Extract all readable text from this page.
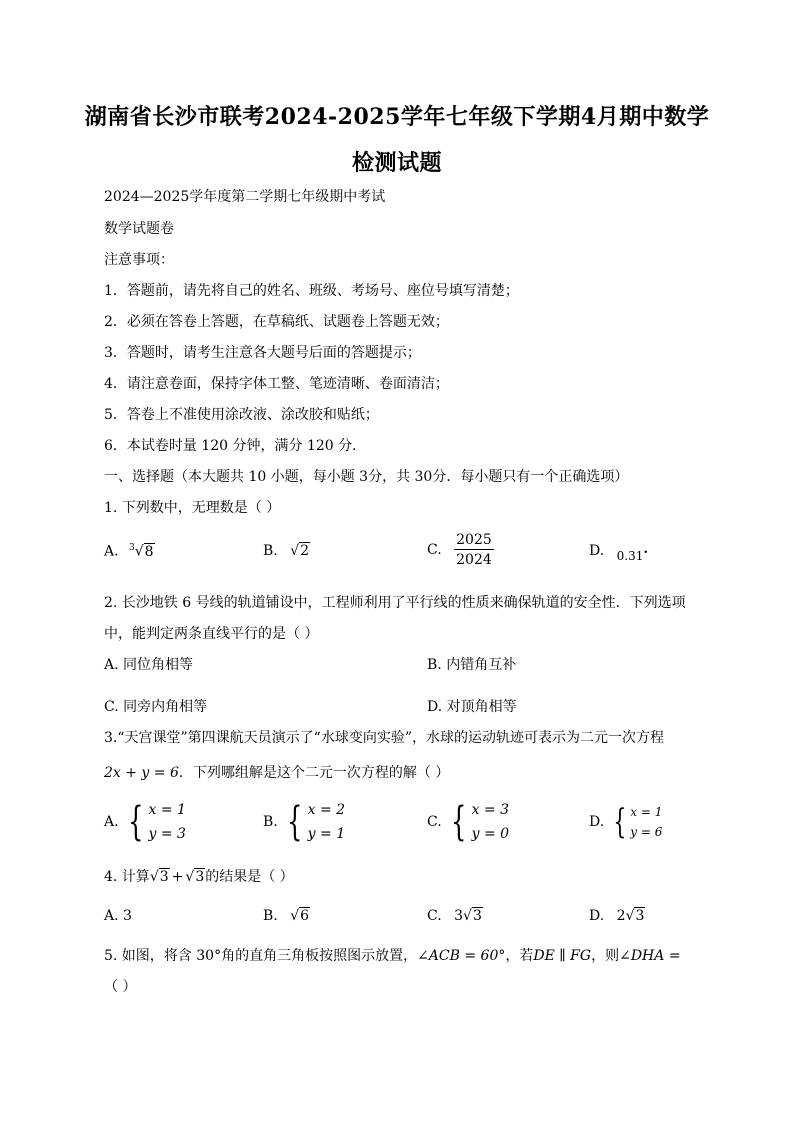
湖南省长沙市联考2024-2025学年七年级下学期4月期中数学
检测试题
2024—2025学年度第二学期七年级期中考试
数学试题卷
注意事项：
1．答题前，请先将自己的姓名、班级、考场号、座位号填写清楚；
2．必须在答卷上答题，在草稿纸、试题卷上答题无效；
3．答题时，请考生注意各大题号后面的答题提示；
4．请注意卷面，保持字体工整、笔迹清晰、卷面清洁；
5．答卷上不准使用涂改液、涂改胶和贴纸；
6．本试卷时量 120 分钟，满分 120 分．
一、选择题（本大题共 10 小题，每小题 3分，共 30分．每小题只有一个正确选项）
1. 下列数中，无理数是（ ）
A. $^3$√8	B. √2	C. $\frac{2025}{2024}$	D. 0.31•
2. 长沙地铁 6 号线的轨道铺设中，工程师利用了平行线的性质来确保轨道的安全性．下列选项
中，能判定两条直线平行的是（ ）
A. 同位角相等	B. 内错角互补
C. 同旁内角相等	D. 对顶角相等
3.“天宫课堂”第四课航天员演示了“水球变向实验”，水球的运动轨迹可表示为二元一次方程
2x + y = 6．下列哪组解是这个二元一次方程的解（ ）
A. { x = 1
y = 3
B. { x = 2
y = 1
C. { x = 3
y = 0
D. { x = 1
y = 6
4. 计算√3 + √3的结果是（ ）
A. 3	B. √6	C. 3√3	D. 2√3
5. 如图，将含 30°角的直角三角板按照图示放置，∠ACB = 60°，若DE ∥ FG，则∠DHA =
（ ）
